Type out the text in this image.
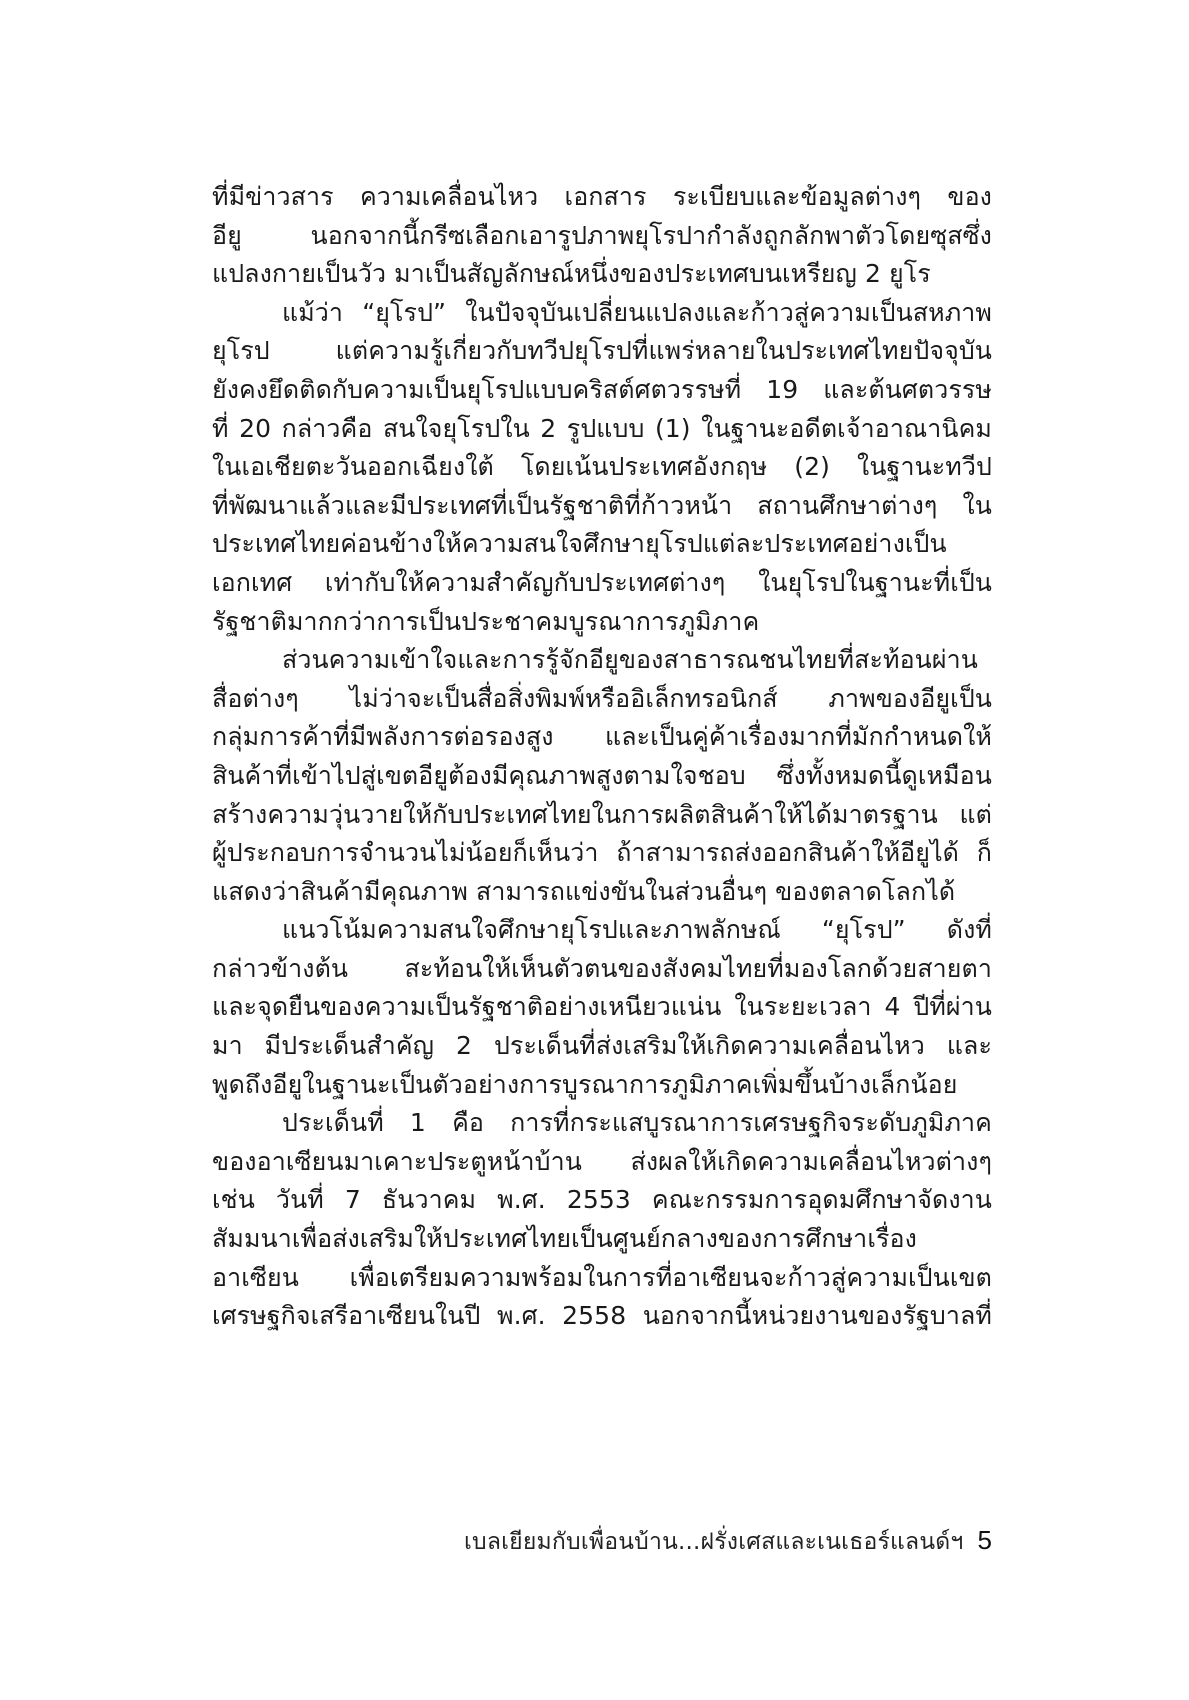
ที่มีข่าวสาร ความเคลื่อนไหว เอกสาร ระเบียบและข้อมูลต่างๆ ของ
อียู นอกจากนี้กรีซเลือกเอารูปภาพยุโรปากำลังถูกลักพาตัวโดยซุสซึ่ง
แปลงกายเป็นวัว มาเป็นสัญลักษณ์หนึ่งของประเทศบนเหรียญ 2 ยูโร
แม้ว่า “ยุโรป” ในปัจจุบันเปลี่ยนแปลงและก้าวสู่ความเป็นสหภาพ
ยุโรป แต่ความรู้เกี่ยวกับทวีปยุโรปที่แพร่หลายในประเทศไทยปัจจุบัน
ยังคงยึดติดกับความเป็นยุโรปแบบคริสต์ศตวรรษที่ 19 และต้นศตวรรษ
ที่ 20 กล่าวคือ สนใจยุโรปใน 2 รูปแบบ (1) ในฐานะอดีตเจ้าอาณานิคม
ในเอเชียตะวันออกเฉียงใต้ โดยเน้นประเทศอังกฤษ (2) ในฐานะทวีป
ที่พัฒนาแล้วและมีประเทศที่เป็นรัฐชาติที่ก้าวหน้า สถานศึกษาต่างๆ ใน
ประเทศไทยค่อนข้างให้ความสนใจศึกษายุโรปแต่ละประเทศอย่างเป็น
เอกเทศ เท่ากับให้ความสำคัญกับประเทศต่างๆ ในยุโรปในฐานะที่เป็น
รัฐชาติมากกว่าการเป็นประชาคมบูรณาการภูมิภาค
ส่วนความเข้าใจและการรู้จักอียูของสาธารณชนไทยที่สะท้อนผ่าน
สื่อต่างๆ ไม่ว่าจะเป็นสื่อสิ่งพิมพ์หรืออิเล็กทรอนิกส์ ภาพของอียูเป็น
กลุ่มการค้าที่มีพลังการต่อรองสูง และเป็นคู่ค้าเรื่องมากที่มักกำหนดให้
สินค้าที่เข้าไปสู่เขตอียูต้องมีคุณภาพสูงตามใจชอบ ซึ่งทั้งหมดนี้ดูเหมือน
สร้างความวุ่นวายให้กับประเทศไทยในการผลิตสินค้าให้ได้มาตรฐาน แต่
ผู้ประกอบการจำนวนไม่น้อยก็เห็นว่า ถ้าสามารถส่งออกสินค้าให้อียูได้ ก็
แสดงว่าสินค้ามีคุณภาพ สามารถแข่งขันในส่วนอื่นๆ ของตลาดโลกได้
แนวโน้มความสนใจศึกษายุโรปและภาพลักษณ์ “ยุโรป” ดังที่
กล่าวข้างต้น สะท้อนให้เห็นตัวตนของสังคมไทยที่มองโลกด้วยสายตา
และจุดยืนของความเป็นรัฐชาติอย่างเหนียวแน่น ในระยะเวลา 4 ปีที่ผ่าน
มา มีประเด็นสำคัญ 2 ประเด็นที่ส่งเสริมให้เกิดความเคลื่อนไหว และ
พูดถึงอียูในฐานะเป็นตัวอย่างการบูรณาการภูมิภาคเพิ่มขึ้นบ้างเล็กน้อย
ประเด็นที่ 1 คือ การที่กระแสบูรณาการเศรษฐกิจระดับภูมิภาค
ของอาเซียนมาเคาะประตูหน้าบ้าน ส่งผลให้เกิดความเคลื่อนไหวต่างๆ
เช่น วันที่ 7 ธันวาคม พ.ศ. 2553 คณะกรรมการอุดมศึกษาจัดงาน
สัมมนาเพื่อส่งเสริมให้ประเทศไทยเป็นศูนย์กลางของการศึกษาเรื่อง
อาเซียน เพื่อเตรียมความพร้อมในการที่อาเซียนจะก้าวสู่ความเป็นเขต
เศรษฐกิจเสรีอาเซียนในปี พ.ศ. 2558 นอกจากนี้หน่วยงานของรัฐบาลที่
เบลเยียมกับเพื่อนบ้าน...ฝรั่งเศสและเนเธอร์แลนด์ฯ 5
